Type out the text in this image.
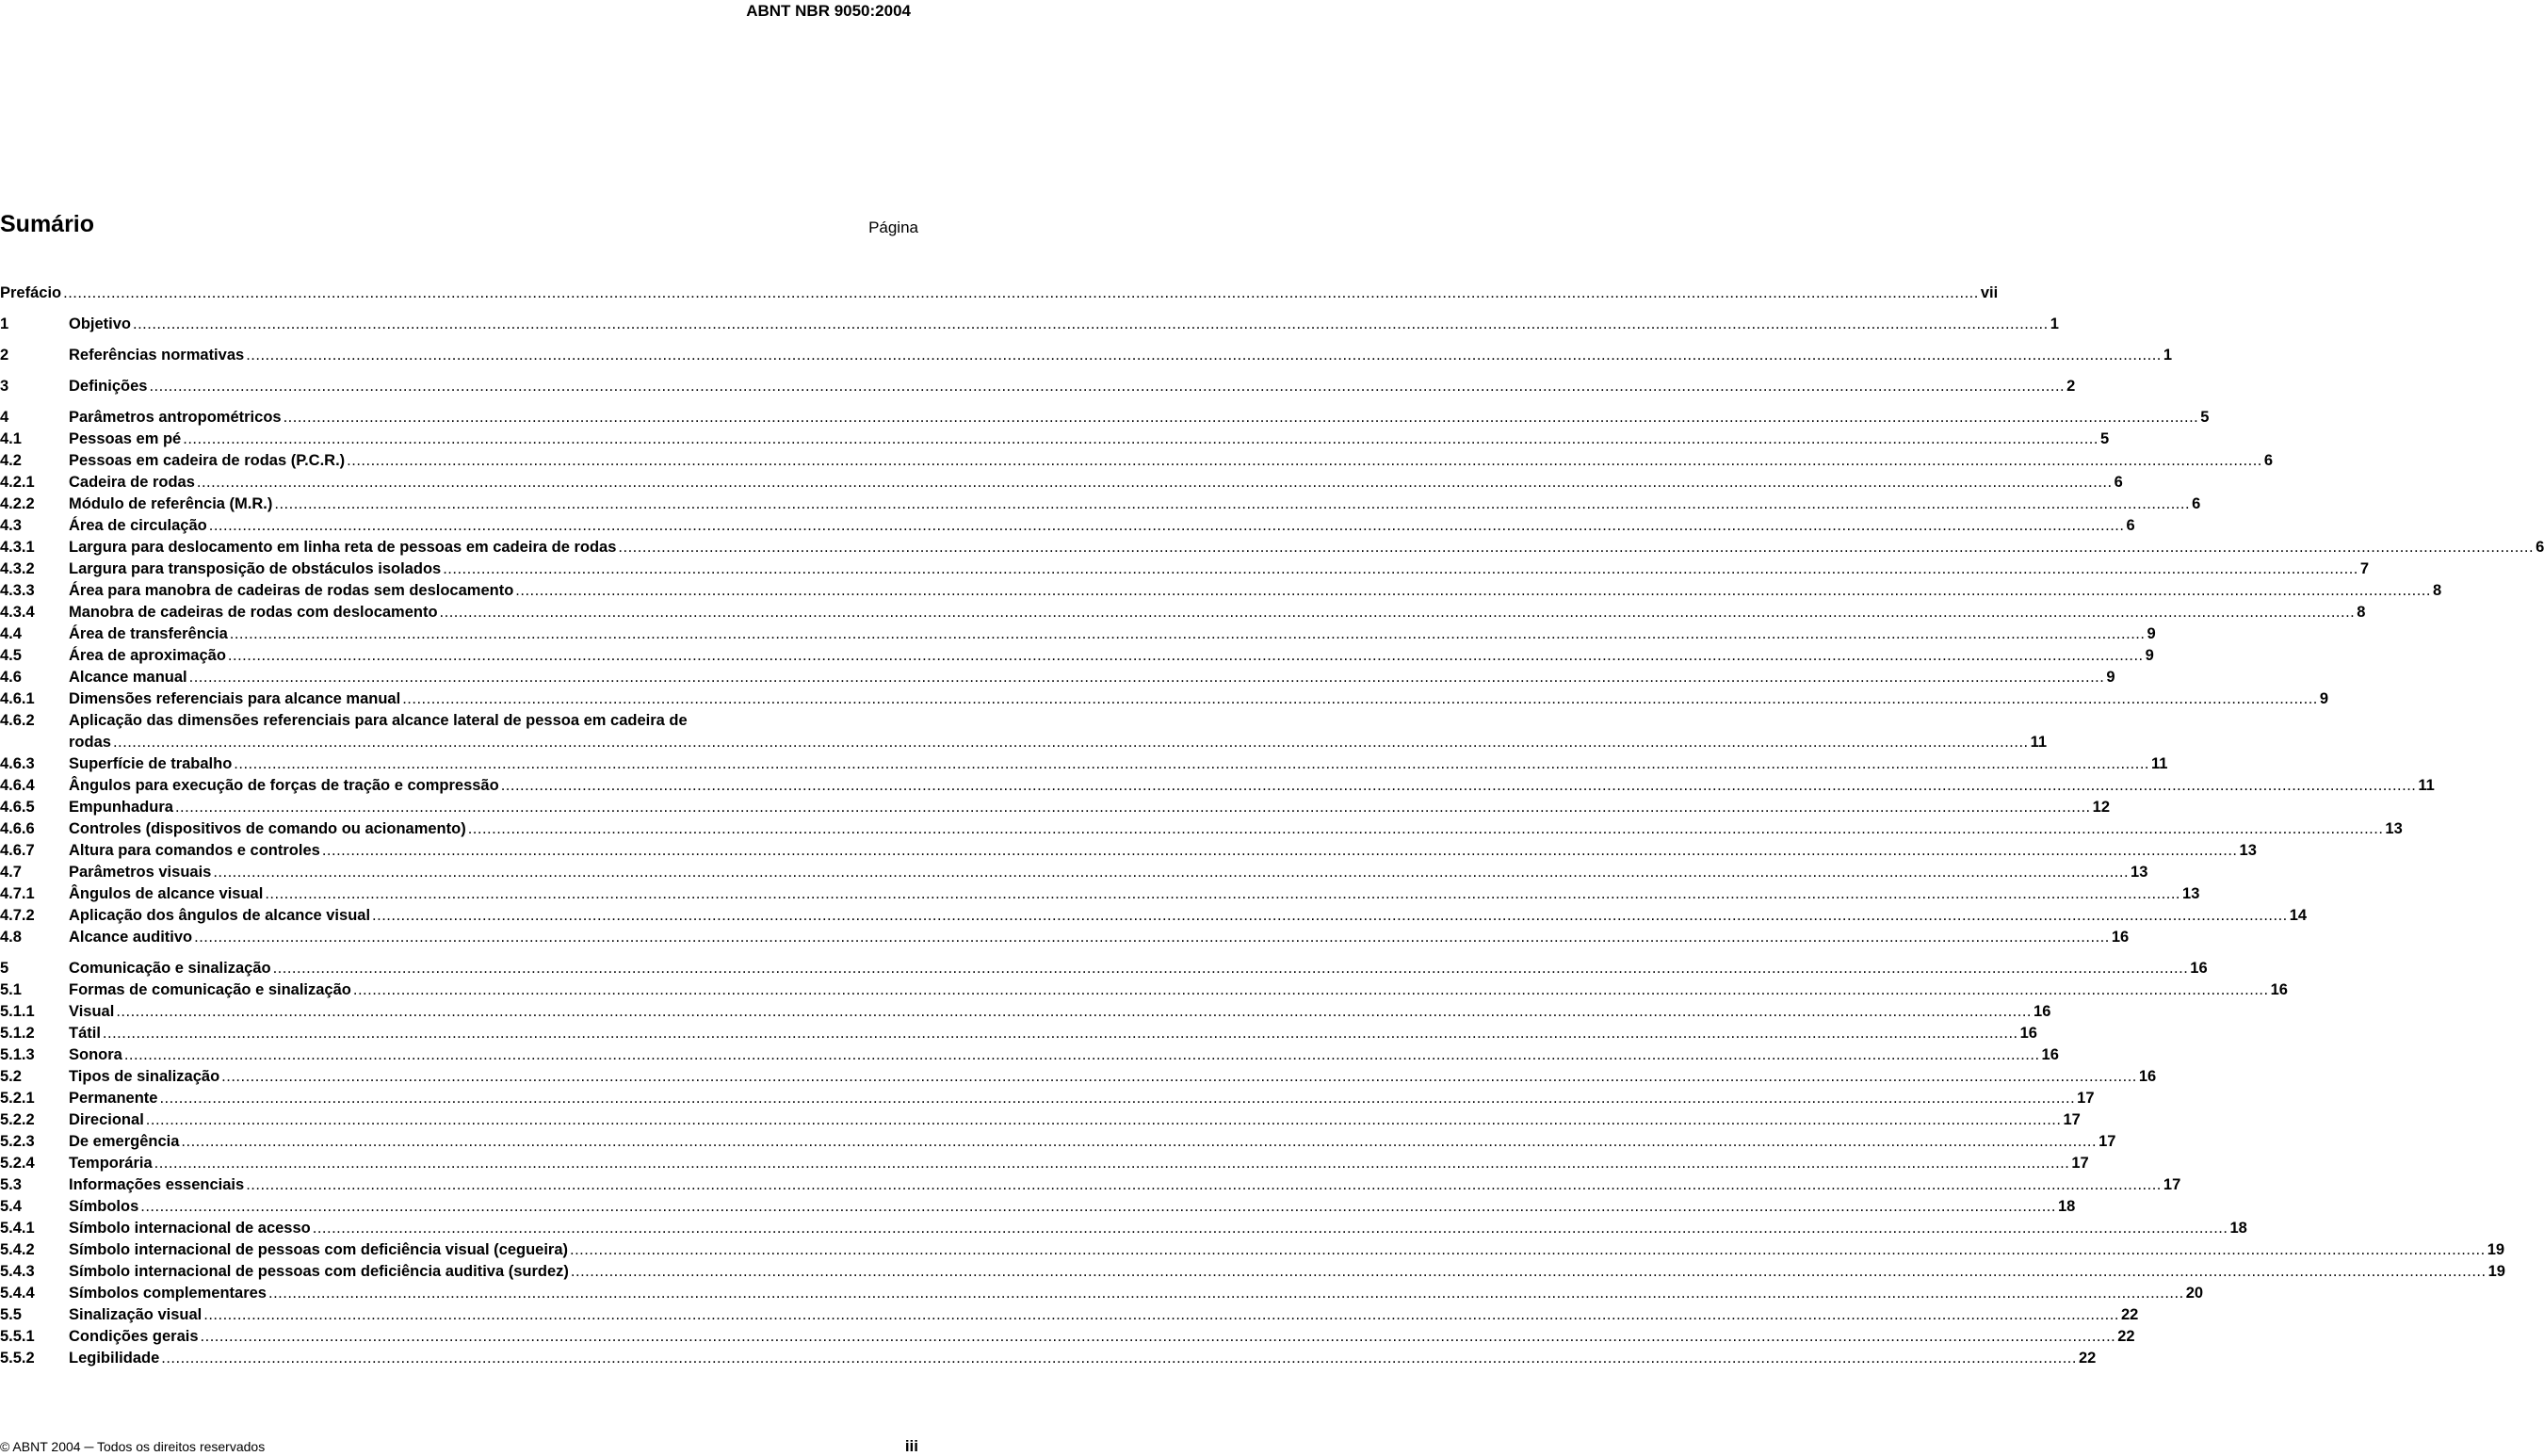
ABNT NBR 9050:2004
Sumário	Página
Prefácio ................................................................................................................................................................................................................................................................................................................................................................................................................ vii
1	Objetivo ................................................................................................................................................................................................................................................................................................................................................................................................................ 1
2	Referências normativas ................................................................................................................................................................................................................................................................................................................................................................................................................ 1
3	Definições ................................................................................................................................................................................................................................................................................................................................................................................................................ 2
4	Parâmetros antropométricos ................................................................................................................................................................................................................................................................................................................................................................................................................ 5
4.1	Pessoas em pé ................................................................................................................................................................................................................................................................................................................................................................................................................ 5
4.2	Pessoas em cadeira de rodas (P.C.R.) ................................................................................................................................................................................................................................................................................................................................................................................................................ 6
4.2.1 Cadeira de rodas ................................................................................................................................................................................................................................................................................................................................................................................................................ 6
4.2.2 Módulo de referência (M.R.) ................................................................................................................................................................................................................................................................................................................................................................................................................ 6
4.3	Área de circulação ................................................................................................................................................................................................................................................................................................................................................................................................................ 6
4.3.1 Largura para deslocamento em linha reta de pessoas em cadeira de rodas ................................................................................................................................................................................................................................................................................................................................................................................................................ 6
4.3.2 Largura para transposição de obstáculos isolados ................................................................................................................................................................................................................................................................................................................................................................................................................ 7
4.3.3 Área para manobra de cadeiras de rodas sem deslocamento ................................................................................................................................................................................................................................................................................................................................................................................................................ 8
4.3.4 Manobra de cadeiras de rodas com deslocamento ................................................................................................................................................................................................................................................................................................................................................................................................................ 8
4.4	Área de transferência ................................................................................................................................................................................................................................................................................................................................................................................................................ 9
4.5	Área de aproximação ................................................................................................................................................................................................................................................................................................................................................................................................................ 9
4.6	Alcance manual ................................................................................................................................................................................................................................................................................................................................................................................................................ 9
4.6.1 Dimensões referenciais para alcance manual ................................................................................................................................................................................................................................................................................................................................................................................................................ 9
4.6.2 Aplicação das dimensões referenciais para alcance lateral de pessoa em cadeira de
rodas ................................................................................................................................................................................................................................................................................................................................................................................................................ 11
4.6.3 Superfície de trabalho ................................................................................................................................................................................................................................................................................................................................................................................................................ 11
4.6.4 Ângulos para execução de forças de tração e compressão ................................................................................................................................................................................................................................................................................................................................................................................................................ 11
4.6.5 Empunhadura ................................................................................................................................................................................................................................................................................................................................................................................................................ 12
4.6.6 Controles (dispositivos de comando ou acionamento) ................................................................................................................................................................................................................................................................................................................................................................................................................ 13
4.6.7 Altura para comandos e controles ................................................................................................................................................................................................................................................................................................................................................................................................................ 13
4.7	Parâmetros visuais ................................................................................................................................................................................................................................................................................................................................................................................................................ 13
4.7.1 Ângulos de alcance visual ................................................................................................................................................................................................................................................................................................................................................................................................................ 13
4.7.2 Aplicação dos ângulos de alcance visual ................................................................................................................................................................................................................................................................................................................................................................................................................ 14
4.8	Alcance auditivo ................................................................................................................................................................................................................................................................................................................................................................................................................ 16
5	Comunicação e sinalização ................................................................................................................................................................................................................................................................................................................................................................................................................ 16
5.1	Formas de comunicação e sinalização ................................................................................................................................................................................................................................................................................................................................................................................................................ 16
5.1.1 Visual ................................................................................................................................................................................................................................................................................................................................................................................................................ 16
5.1.2 Tátil ................................................................................................................................................................................................................................................................................................................................................................................................................ 16
5.1.3 Sonora ................................................................................................................................................................................................................................................................................................................................................................................................................ 16
5.2	Tipos de sinalização ................................................................................................................................................................................................................................................................................................................................................................................................................ 16
5.2.1 Permanente ................................................................................................................................................................................................................................................................................................................................................................................................................ 17
5.2.2 Direcional ................................................................................................................................................................................................................................................................................................................................................................................................................ 17
5.2.3 De emergência ................................................................................................................................................................................................................................................................................................................................................................................................................ 17
5.2.4 Temporária ................................................................................................................................................................................................................................................................................................................................................................................................................ 17
5.3	Informações essenciais ................................................................................................................................................................................................................................................................................................................................................................................................................ 17
5.4	Símbolos ................................................................................................................................................................................................................................................................................................................................................................................................................ 18
5.4.1 Símbolo internacional de acesso ................................................................................................................................................................................................................................................................................................................................................................................................................ 18
5.4.2 Símbolo internacional de pessoas com deficiência visual (cegueira) ................................................................................................................................................................................................................................................................................................................................................................................................................ 19
5.4.3 Símbolo internacional de pessoas com deficiência auditiva (surdez) ................................................................................................................................................................................................................................................................................................................................................................................................................ 19
5.4.4 Símbolos complementares ................................................................................................................................................................................................................................................................................................................................................................................................................ 20
5.5	Sinalização visual ................................................................................................................................................................................................................................................................................................................................................................................................................ 22
5.5.1 Condições gerais ................................................................................................................................................................................................................................................................................................................................................................................................................ 22
5.5.2 Legibilidade ................................................................................................................................................................................................................................................................................................................................................................................................................ 22
© ABNT 2004 ─ Todos os direitos reservados	iii
